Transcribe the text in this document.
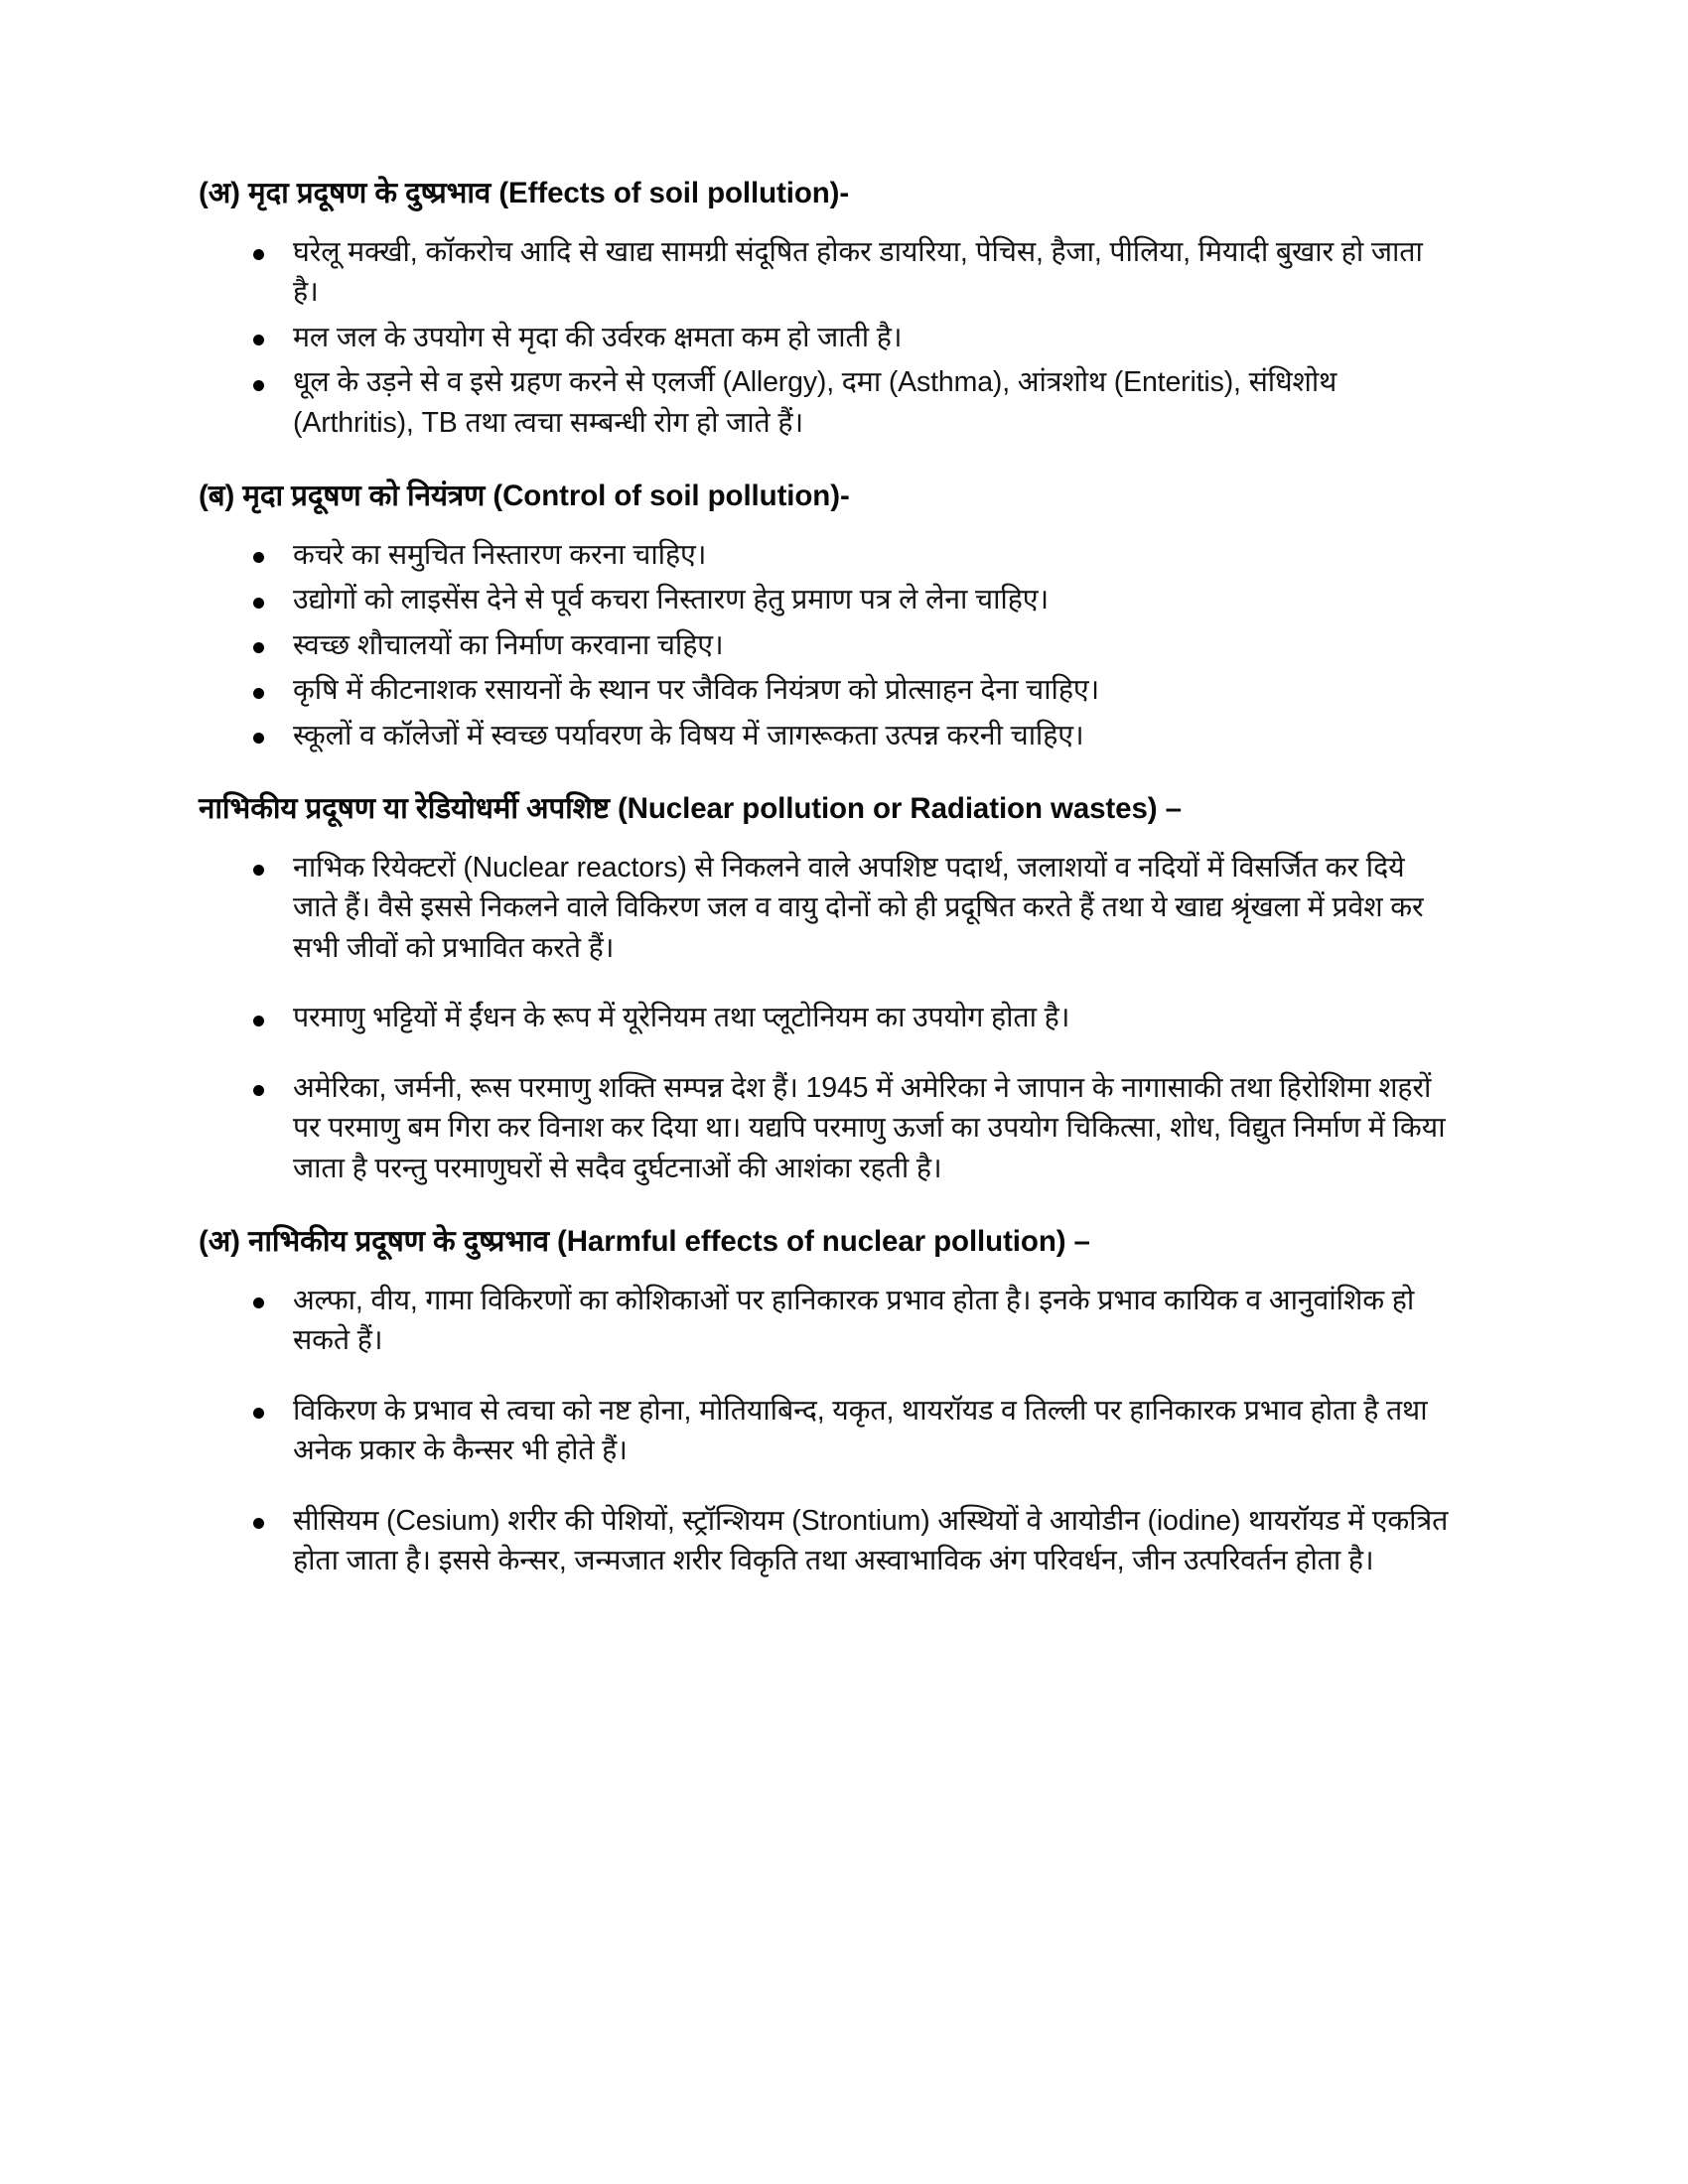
(अ) मृदा प्रदूषण के दुष्प्रभाव (Effects of soil pollution)-

घरेलू मक्खी, कॉकरोच आदि से खाद्य सामग्री संदूषित होकर डायरिया, पेचिस, हैजा, पीलिया, मियादी बुखार हो जाता है।
मल जल के उपयोग से मृदा की उर्वरक क्षमता कम हो जाती है।
धूल के उड़ने से व इसे ग्रहण करने से एलर्जी (Allergy), दमा (Asthma), आंत्रशोथ (Enteritis), संधिशोथ (Arthritis), TB तथा त्वचा सम्बन्धी रोग हो जाते हैं।

(ब) मृदा प्रदूषण को नियंत्रण (Control of soil pollution)-

कचरे का समुचित निस्तारण करना चाहिए।
उद्योगों को लाइसेंस देने से पूर्व कचरा निस्तारण हेतु प्रमाण पत्र ले लेना चाहिए।
स्वच्छ शौचालयों का निर्माण करवाना चहिए।
कृषि में कीटनाशक रसायनों के स्थान पर जैविक नियंत्रण को प्रोत्साहन देना चाहिए।
स्कूलों व कॉलेजों में स्वच्छ पर्यावरण के विषय में जागरूकता उत्पन्न करनी चाहिए।

नाभिकीय प्रदूषण या रेडियोधर्मी अपशिष्ट (Nuclear pollution or Radiation wastes) –

नाभिक रियेक्टरों (Nuclear reactors) से निकलने वाले अपशिष्ट पदार्थ, जलाशयों व नदियों में विसर्जित कर दिये जाते हैं। वैसे इससे निकलने वाले विकिरण जल व वायु दोनों को ही प्रदूषित करते हैं तथा ये खाद्य श्रृंखला में प्रवेश कर सभी जीवों को प्रभावित करते हैं।
परमाणु भट्टियों में ईंधन के रूप में यूरेनियम तथा प्लूटोनियम का उपयोग होता है।
अमेरिका, जर्मनी, रूस परमाणु शक्ति सम्पन्न देश हैं। 1945 में अमेरिका ने जापान के नागासाकी तथा हिरोशिमा शहरों पर परमाणु बम गिरा कर विनाश कर दिया था। यद्यपि परमाणु ऊर्जा का उपयोग चिकित्सा, शोध, विद्युत निर्माण में किया जाता है परन्तु परमाणुघरों से सदैव दुर्घटनाओं की आशंका रहती है।

(अ) नाभिकीय प्रदूषण के दुष्प्रभाव (Harmful effects of nuclear pollution) –

अल्फा, वीय, गामा विकिरणों का कोशिकाओं पर हानिकारक प्रभाव होता है। इनके प्रभाव कायिक व आनुवांशिक हो सकते हैं।
विकिरण के प्रभाव से त्वचा को नष्ट होना, मोतियाबिन्द, यकृत, थायरॉयड व तिल्ली पर हानिकारक प्रभाव होता है तथा अनेक प्रकार के कैन्सर भी होते हैं।
सीसियम (Cesium) शरीर की पेशियों, स्ट्रॉन्शियम (Strontium) अस्थियों वे आयोडीन (iodine) थायरॉयड में एकत्रित होता जाता है। इससे केन्सर, जन्मजात शरीर विकृति तथा अस्वाभाविक अंग परिवर्धन, जीन उत्परिवर्तन होता है।
